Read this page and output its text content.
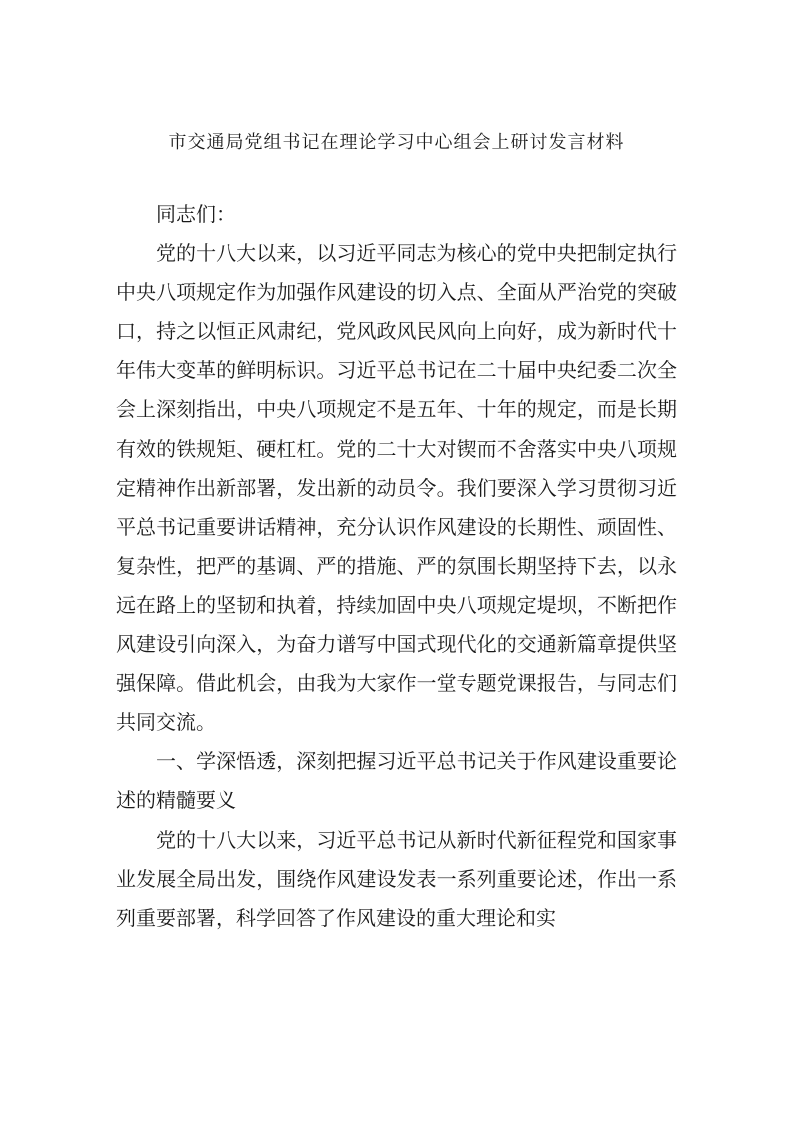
市交通局党组书记在理论学习中心组会上研讨发言材料

同志们：

党的十八大以来，以习近平同志为核心的党中央把制定执行中央八项规定作为加强作风建设的切入点、全面从严治党的突破口，持之以恒正风肃纪，党风政风民风向上向好，成为新时代十年伟大变革的鲜明标识。习近平总书记在二十届中央纪委二次全会上深刻指出，中央八项规定不是五年、十年的规定，而是长期有效的铁规矩、硬杠杠。党的二十大对锲而不舍落实中央八项规定精神作出新部署，发出新的动员令。我们要深入学习贯彻习近平总书记重要讲话精神，充分认识作风建设的长期性、顽固性、复杂性，把严的基调、严的措施、严的氛围长期坚持下去，以永远在路上的坚韧和执着，持续加固中央八项规定堤坝，不断把作风建设引向深入，为奋力谱写中国式现代化的交通新篇章提供坚强保障。借此机会，由我为大家作一堂专题党课报告，与同志们共同交流。

一、学深悟透，深刻把握习近平总书记关于作风建设重要论述的精髓要义

党的十八大以来，习近平总书记从新时代新征程党和国家事业发展全局出发，围绕作风建设发表一系列重要论述，作出一系列重要部署，科学回答了作风建设的重大理论和实
